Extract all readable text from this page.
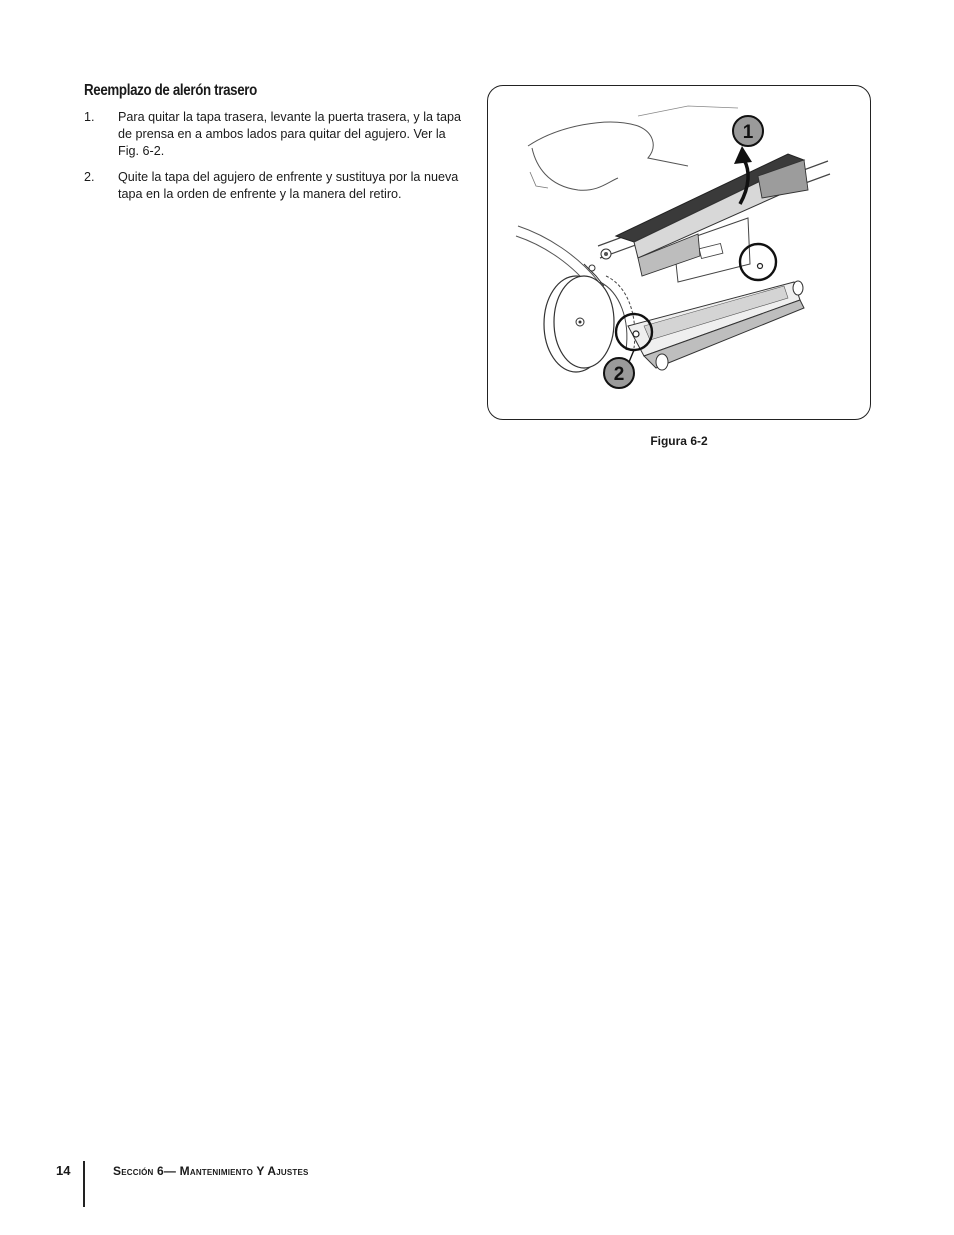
Reemplazo de alerón trasero
1. Para quitar la tapa trasera, levante la puerta trasera, y la tapa de prensa en a ambos lados para quitar del agujero. Ver la Fig. 6-2.
2. Quite la tapa del agujero de enfrente y sustituya por la nueva tapa en la orden de enfrente y la manera del retiro.
1
2
Figura 6-2
14	Sección 6— Mantenimiento Y Ajustes
